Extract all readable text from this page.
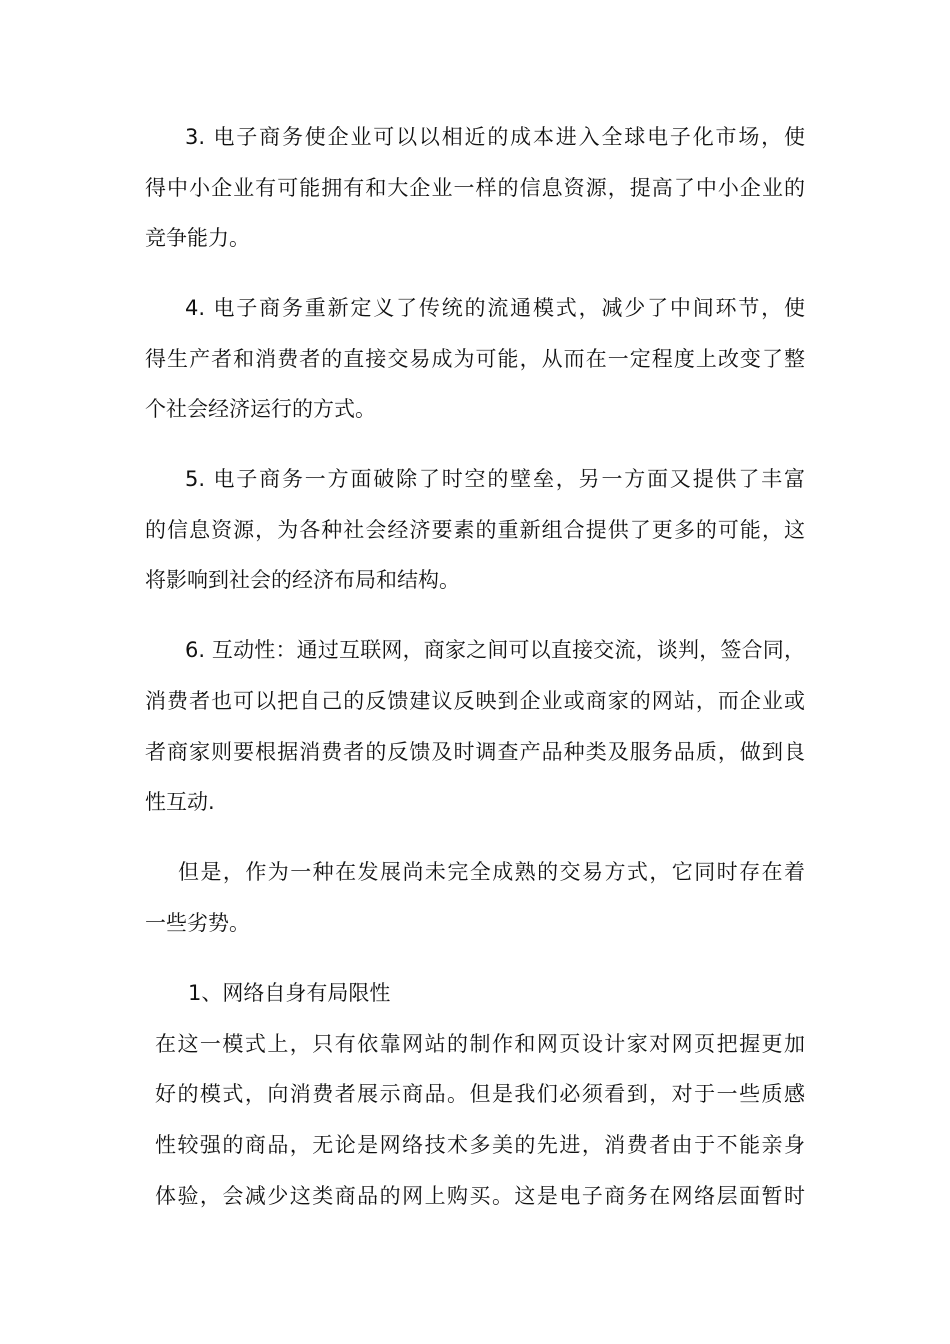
3. 电子商务使企业可以以相近的成本进入全球电子化市场，使

得中小企业有可能拥有和大企业一样的信息资源，提高了中小企业的

竞争能力。

4. 电子商务重新定义了传统的流通模式，减少了中间环节，使

得生产者和消费者的直接交易成为可能，从而在一定程度上改变了整

个社会经济运行的方式。

5. 电子商务一方面破除了时空的壁垒，另一方面又提供了丰富

的信息资源，为各种社会经济要素的重新组合提供了更多的可能，这

将影响到社会的经济布局和结构。

6. 互动性：通过互联网，商家之间可以直接交流，谈判，签合同，

消费者也可以把自己的反馈建议反映到企业或商家的网站，而企业或

者商家则要根据消费者的反馈及时调查产品种类及服务品质，做到良

性互动.

但是，作为一种在发展尚未完全成熟的交易方式，它同时存在着

一些劣势。

1、网络自身有局限性

在这一模式上，只有依靠网站的制作和网页设计家对网页把握更加

好的模式，向消费者展示商品。但是我们必须看到，对于一些质感

性较强的商品，无论是网络技术多美的先进，消费者由于不能亲身

体验，会减少这类商品的网上购买。这是电子商务在网络层面暂时
